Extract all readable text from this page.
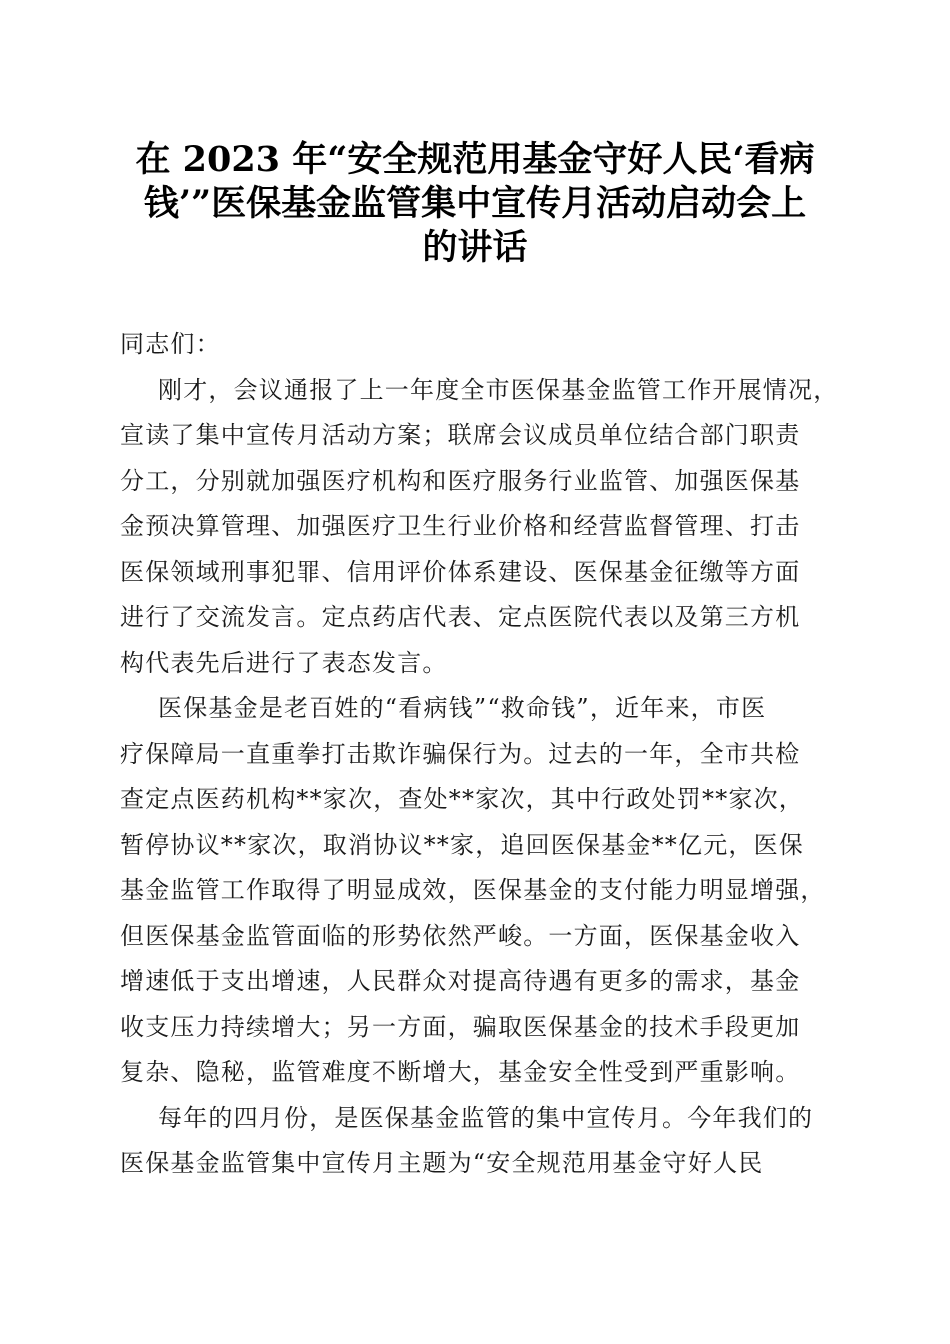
在 2023 年“安全规范用基金守好人民‘看病
钱’”医保基金监管集中宣传月活动启动会上
的讲话
同志们：
刚才，会议通报了上一年度全市医保基金监管工作开展情况，
宣读了集中宣传月活动方案；联席会议成员单位结合部门职责
分工，分别就加强医疗机构和医疗服务行业监管、加强医保基
金预决算管理、加强医疗卫生行业价格和经营监督管理、打击
医保领域刑事犯罪、信用评价体系建设、医保基金征缴等方面
进行了交流发言。定点药店代表、定点医院代表以及第三方机
构代表先后进行了表态发言。
医保基金是老百姓的“看病钱”“救命钱”，近年来，市医
疗保障局一直重拳打击欺诈骗保行为。过去的一年，全市共检
查定点医药机构**家次，查处**家次，其中行政处罚**家次，
暂停协议**家次，取消协议**家，追回医保基金**亿元，医保
基金监管工作取得了明显成效，医保基金的支付能力明显增强，
但医保基金监管面临的形势依然严峻。一方面，医保基金收入
增速低于支出增速，人民群众对提高待遇有更多的需求，基金
收支压力持续增大；另一方面，骗取医保基金的技术手段更加
复杂、隐秘，监管难度不断增大，基金安全性受到严重影响。
每年的四月份，是医保基金监管的集中宣传月。今年我们的
医保基金监管集中宣传月主题为“安全规范用基金守好人民
